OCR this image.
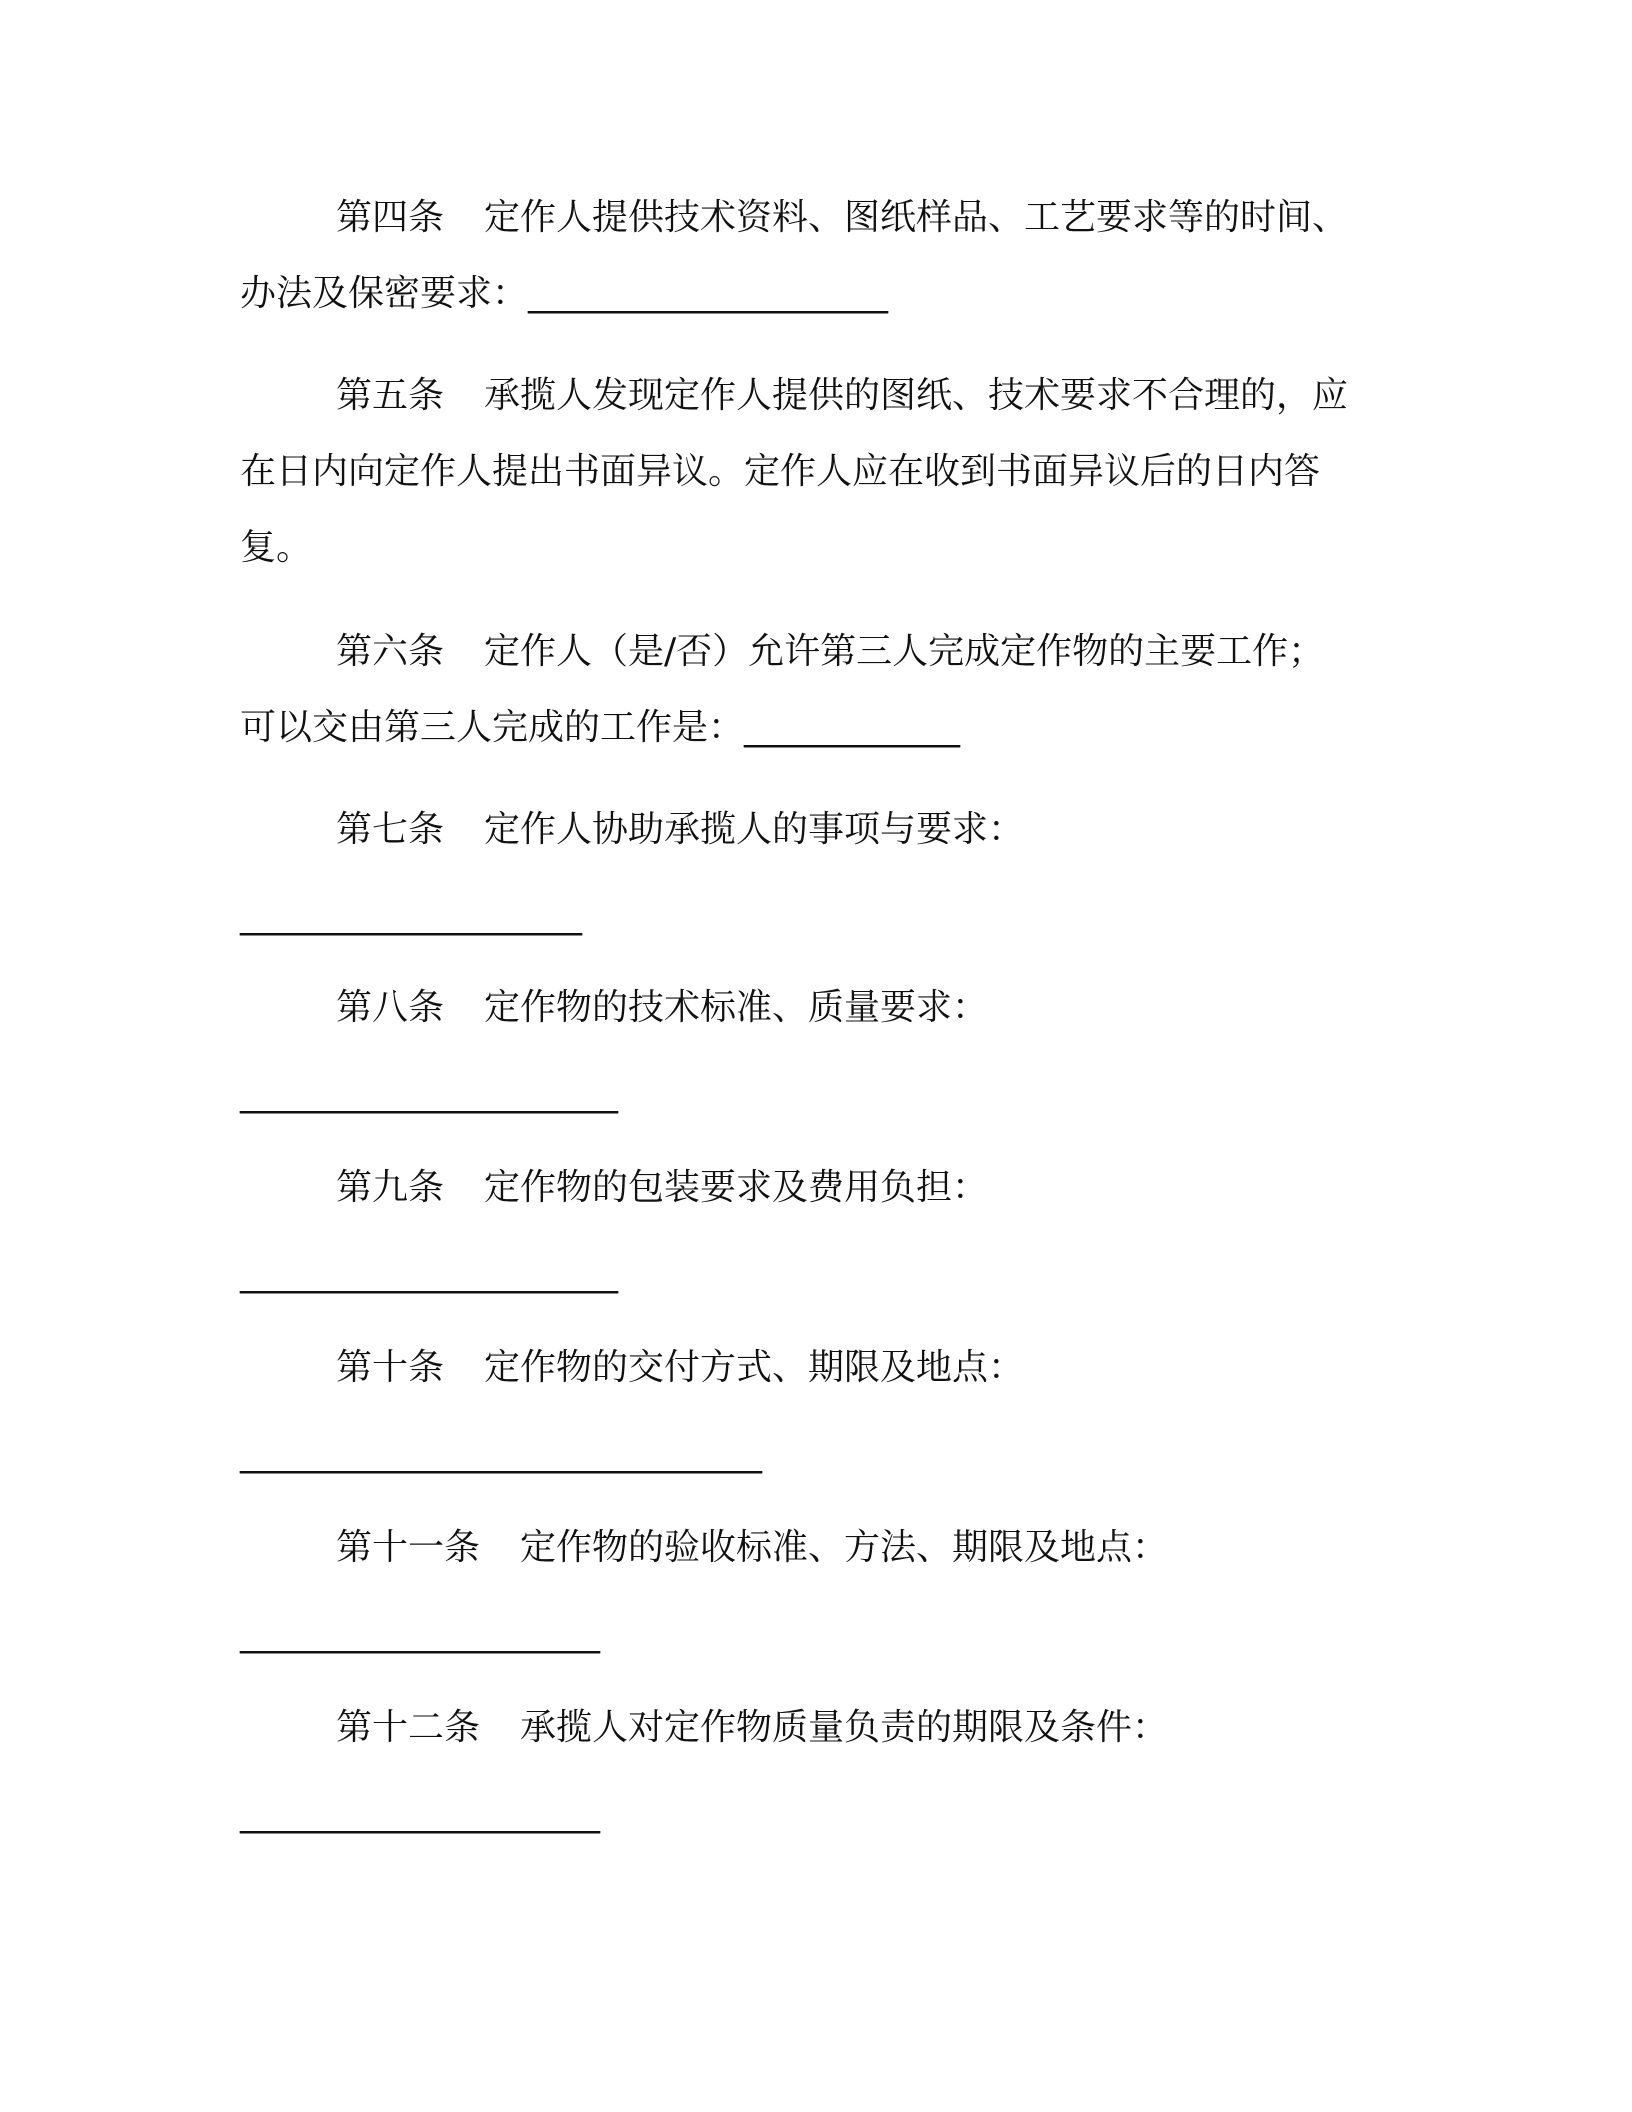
第四条 定作人提供技术资料、图纸样品、工艺要求等的时间、
办法及保密要求：____________________
第五条 承揽人发现定作人提供的图纸、技术要求不合理的，应
在日内向定作人提出书面异议。定作人应在收到书面异议后的日内答
复。
第六条 定作人（是/否）允许第三人完成定作物的主要工作；
可以交由第三人完成的工作是：____________
第七条 定作人协助承揽人的事项与要求：
___________________
第八条 定作物的技术标准、质量要求：
_____________________
第九条 定作物的包装要求及费用负担：
_____________________
第十条 定作物的交付方式、期限及地点：
_____________________________
第十一条 定作物的验收标准、方法、期限及地点：
____________________
第十二条 承揽人对定作物质量负责的期限及条件：
____________________
